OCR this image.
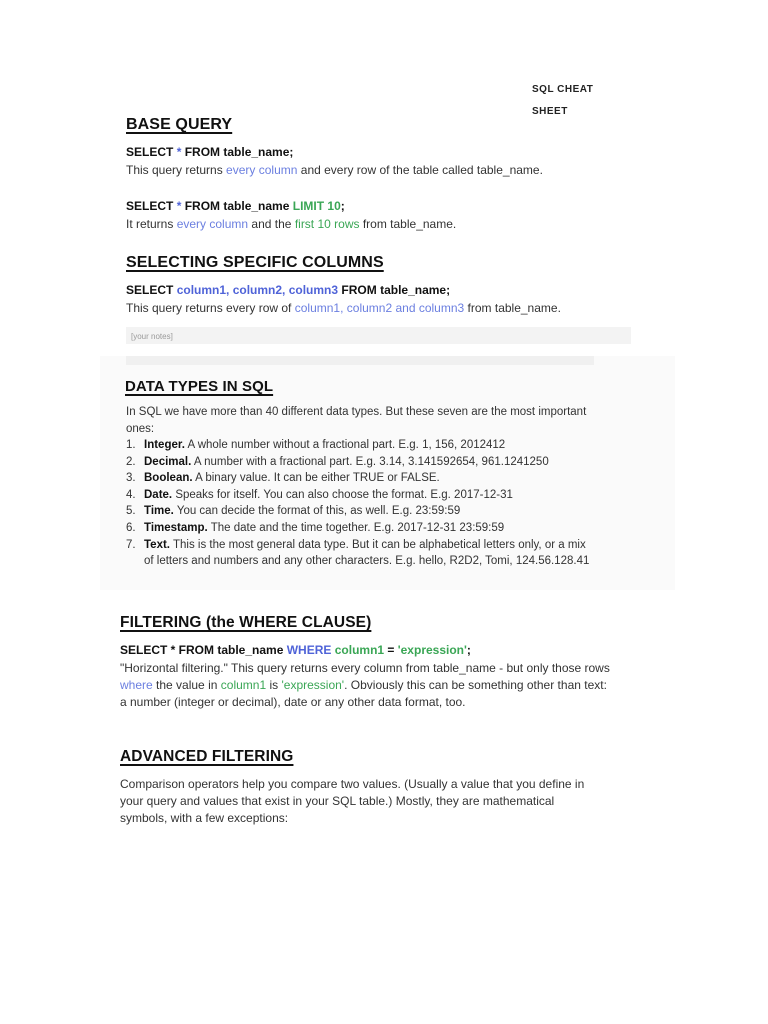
SQL CHEAT SHEET
BASE QUERY
SELECT * FROM table_name;
This query returns every column and every row of the table called table_name.
SELECT * FROM table_name LIMIT 10;
It returns every column and the first 10 rows from table_name.
SELECTING SPECIFIC COLUMNS
SELECT column1, column2, column3 FROM table_name;
This query returns every row of column1, column2 and column3 from table_name.
[your notes]
DATA TYPES IN SQL
In SQL we have more than 40 different data types. But these seven are the most important ones:
1. Integer. A whole number without a fractional part. E.g. 1, 156, 2012412
2. Decimal. A number with a fractional part. E.g. 3.14, 3.141592654, 961.1241250
3. Boolean. A binary value. It can be either TRUE or FALSE.
4. Date. Speaks for itself. You can also choose the format. E.g. 2017-12-31
5. Time. You can decide the format of this, as well. E.g. 23:59:59
6. Timestamp. The date and the time together. E.g. 2017-12-31 23:59:59
7. Text. This is the most general data type. But it can be alphabetical letters only, or a mix of letters and numbers and any other characters. E.g. hello, R2D2, Tomi, 124.56.128.41
FILTERING (the WHERE CLAUSE)
SELECT * FROM table_name WHERE column1 = 'expression';
"Horizontal filtering." This query returns every column from table_name - but only those rows where the value in column1 is 'expression'. Obviously this can be something other than text: a number (integer or decimal), date or any other data format, too.
ADVANCED FILTERING
Comparison operators help you compare two values. (Usually a value that you define in your query and values that exist in your SQL table.) Mostly, they are mathematical symbols, with a few exceptions:
